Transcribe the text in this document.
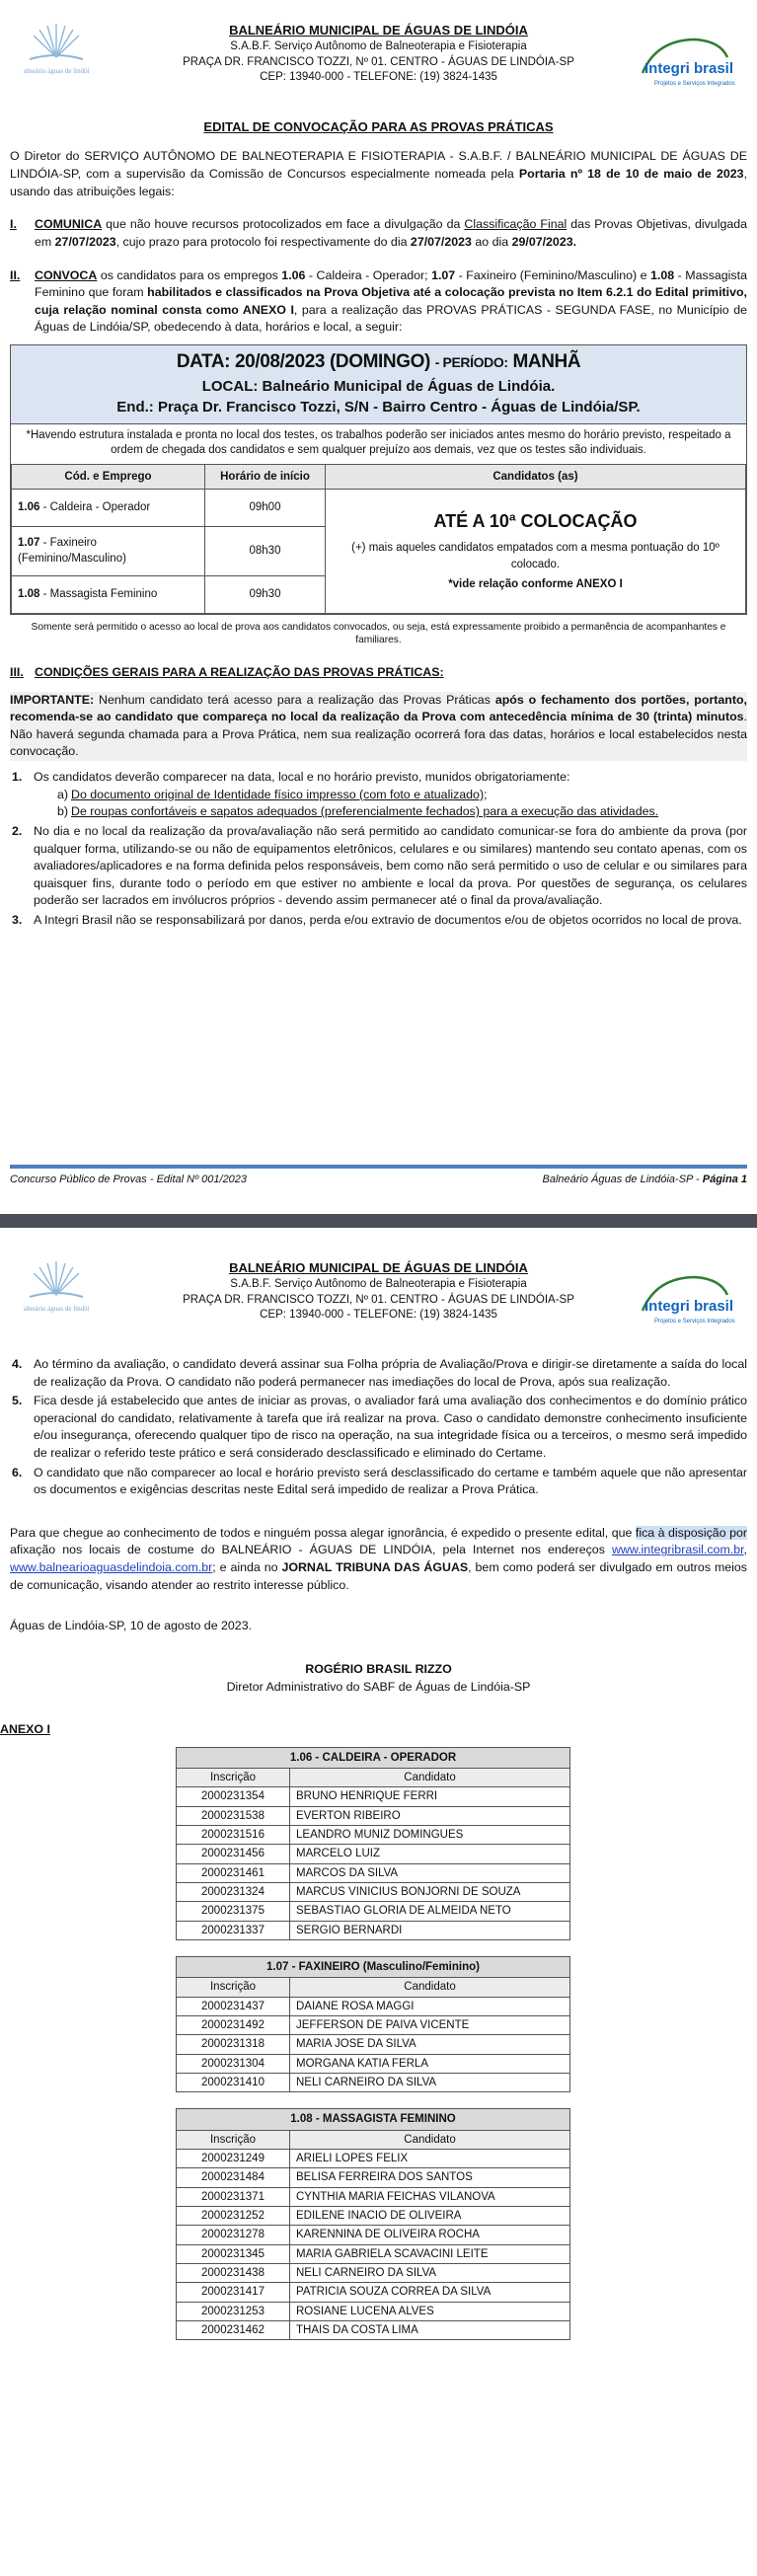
balneário águas de lindóia
BALNEÁRIO MUNICIPAL DE ÁGUAS DE LINDÓIA
S.A.B.F. Serviço Autônomo de Balneoterapia e Fisioterapia
PRAÇA DR. FRANCISCO TOZZI, Nº 01. CENTRO - ÁGUAS DE LINDÓIA-SP
CEP: 13940-000 - TELEFONE: (19) 3824-1435
Integri brasil
Projetos e Serviços Integrados
EDITAL DE CONVOCAÇÃO PARA AS PROVAS PRÁTICAS

O Diretor do SERVIÇO AUTÔNOMO DE BALNEOTERAPIA E FISIOTERAPIA - S.A.B.F. / BALNEÁRIO MUNICIPAL DE ÁGUAS DE LINDÓIA-SP, com a supervisão da Comissão de Concursos especialmente nomeada pela Portaria nº 18 de 10 de maio de 2023, usando das atribuições legais:

I.	COMUNICA que não houve recursos protocolizados em face a divulgação da Classificação Final das Provas Objetivas, divulgada em 27/07/2023, cujo prazo para protocolo foi respectivamente do dia 27/07/2023 ao dia 29/07/2023.
II.	CONVOCA os candidatos para os empregos 1.06 - Caldeira - Operador; 1.07 - Faxineiro (Feminino/Masculino) e 1.08 - Massagista Feminino que foram habilitados e classificados na Prova Objetiva até a colocação prevista no Item 6.2.1 do Edital primitivo, cuja relação nominal consta como ANEXO I, para a realização das PROVAS PRÁTICAS - SEGUNDA FASE, no Município de Águas de Lindóia/SP, obedecendo à data, horários e local, a seguir:
DATA: 20/08/2023 (DOMINGO) - PERÍODO: MANHÃ
LOCAL: Balneário Municipal de Águas de Lindóia.
End.: Praça Dr. Francisco Tozzi, S/N - Bairro Centro - Águas de Lindóia/SP.
*Havendo estrutura instalada e pronta no local dos testes, os trabalhos poderão ser iniciados antes mesmo do horário previsto, respeitado a ordem de chegada dos candidatos e sem qualquer prejuízo aos demais, vez que os testes são individuais.
Cód. e Emprego	Horário de início	Candidatos (as)
1.06 - Caldeira - Operador	09h00	ATÉ A 10ª COLOCAÇÃO
(+) mais aqueles candidatos empatados com a mesma pontuação do 10º colocado.
*vide relação conforme ANEXO I

1.07 - Faxineiro (Feminino/Masculino)	08h30	
1.08 - Massagista Feminino	09h30	
Somente será permitido o acesso ao local de prova aos candidatos convocados, ou seja, está expressamente proibido a permanência de acompanhantes e familiares.
III. CONDIÇÕES GERAIS PARA A REALIZAÇÃO DAS PROVAS PRÁTICAS:

IMPORTANTE: Nenhum candidato terá acesso para a realização das Provas Práticas após o fechamento dos portões, portanto, recomenda-se ao candidato que compareça no local da realização da Prova com antecedência mínima de 30 (trinta) minutos. Não haverá segunda chamada para a Prova Prática, nem sua realização ocorrerá fora das datas, horários e local estabelecidos nesta convocação.

1. Os candidatos deverão comparecer na data, local e no horário previsto, munidos obrigatoriamente:
a) Do documento original de Identidade físico impresso (com foto e atualizado);
b) De roupas confortáveis e sapatos adequados (preferencialmente fechados) para a execução das atividades.
2. No dia e no local da realização da prova/avaliação não será permitido ao candidato comunicar-se fora do ambiente da prova (por qualquer forma, utilizando-se ou não de equipamentos eletrônicos, celulares e ou similares) mantendo seu contato apenas, com os avaliadores/aplicadores e na forma definida pelos responsáveis, bem como não será permitido o uso de celular e ou similares para quaisquer fins, durante todo o período em que estiver no ambiente e local da prova. Por questões de segurança, os celulares poderão ser lacrados em invólucros próprios - devendo assim permanecer até o final da prova/avaliação.
3. A Integri Brasil não se responsabilizará por danos, perda e/ou extravio de documentos e/ou de objetos ocorridos no local de prova.
Concurso Público de Provas - Edital Nº 001/2023	Balneário Águas de Lindóia-SP - Página 1
balneário águas de lindóia
BALNEÁRIO MUNICIPAL DE ÁGUAS DE LINDÓIA
S.A.B.F. Serviço Autônomo de Balneoterapia e Fisioterapia
PRAÇA DR. FRANCISCO TOZZI, Nº 01. CENTRO - ÁGUAS DE LINDÓIA-SP
CEP: 13940-000 - TELEFONE: (19) 3824-1435
Integri brasil
Projetos e Serviços Integrados
4. Ao término da avaliação, o candidato deverá assinar sua Folha própria de Avaliação/Prova e dirigir-se diretamente a saída do local de realização da Prova. O candidato não poderá permanecer nas imediações do local de Prova, após sua realização.
5. Fica desde já estabelecido que antes de iniciar as provas, o avaliador fará uma avaliação dos conhecimentos e do domínio prático operacional do candidato, relativamente à tarefa que irá realizar na prova. Caso o candidato demonstre conhecimento insuficiente e/ou insegurança, oferecendo qualquer tipo de risco na operação, na sua integridade física ou a terceiros, o mesmo será impedido de realizar o referido teste prático e será considerado desclassificado e eliminado do Certame.
6. O candidato que não comparecer ao local e horário previsto será desclassificado do certame e também aquele que não apresentar os documentos e exigências descritas neste Edital será impedido de realizar a Prova Prática.

Para que chegue ao conhecimento de todos e ninguém possa alegar ignorância, é expedido o presente edital, que fica à disposição por afixação nos locais de costume do BALNEÁRIO - ÁGUAS DE LINDÓIA, pela Internet nos endereços www.integribrasil.com.br, www.balnearioaguasdelindoia.com.br; e ainda no JORNAL TRIBUNA DAS ÁGUAS, bem como poderá ser divulgado em outros meios de comunicação, visando atender ao restrito interesse público.

Águas de Lindóia-SP, 10 de agosto de 2023.

ROGÉRIO BRASIL RIZZO

Diretor Administrativo do SABF de Águas de Lindóia-SP

ANEXO I
1.06 - CALDEIRA - OPERADOR	
Inscrição	Candidato
2000231354	BRUNO HENRIQUE FERRI
2000231538	EVERTON RIBEIRO
2000231516	LEANDRO MUNIZ DOMINGUES
2000231456	MARCELO LUIZ
2000231461	MARCOS DA SILVA
2000231324	MARCUS VINICIUS BONJORNI DE SOUZA
2000231375	SEBASTIAO GLORIA DE ALMEIDA NETO
2000231337	SERGIO BERNARDI
1.07 - FAXINEIRO (Masculino/Feminino)	
Inscrição	Candidato
2000231437	DAIANE ROSA MAGGI
2000231492	JEFFERSON DE PAIVA VICENTE
2000231318	MARIA JOSE DA SILVA
2000231304	MORGANA KATIA FERLA
2000231410	NELI CARNEIRO DA SILVA
1.08 - MASSAGISTA FEMININO	
Inscrição	Candidato
2000231249	ARIELI LOPES FELIX
2000231484	BELISA FERREIRA DOS SANTOS
2000231371	CYNTHIA MARIA FEICHAS VILANOVA
2000231252	EDILENE INACIO DE OLIVEIRA
2000231278	KARENNINA DE OLIVEIRA ROCHA
2000231345	MARIA GABRIELA SCAVACINI LEITE
2000231438	NELI CARNEIRO DA SILVA
2000231417	PATRICIA SOUZA CORREA DA SILVA
2000231253	ROSIANE LUCENA ALVES
2000231462	THAIS DA COSTA LIMA
